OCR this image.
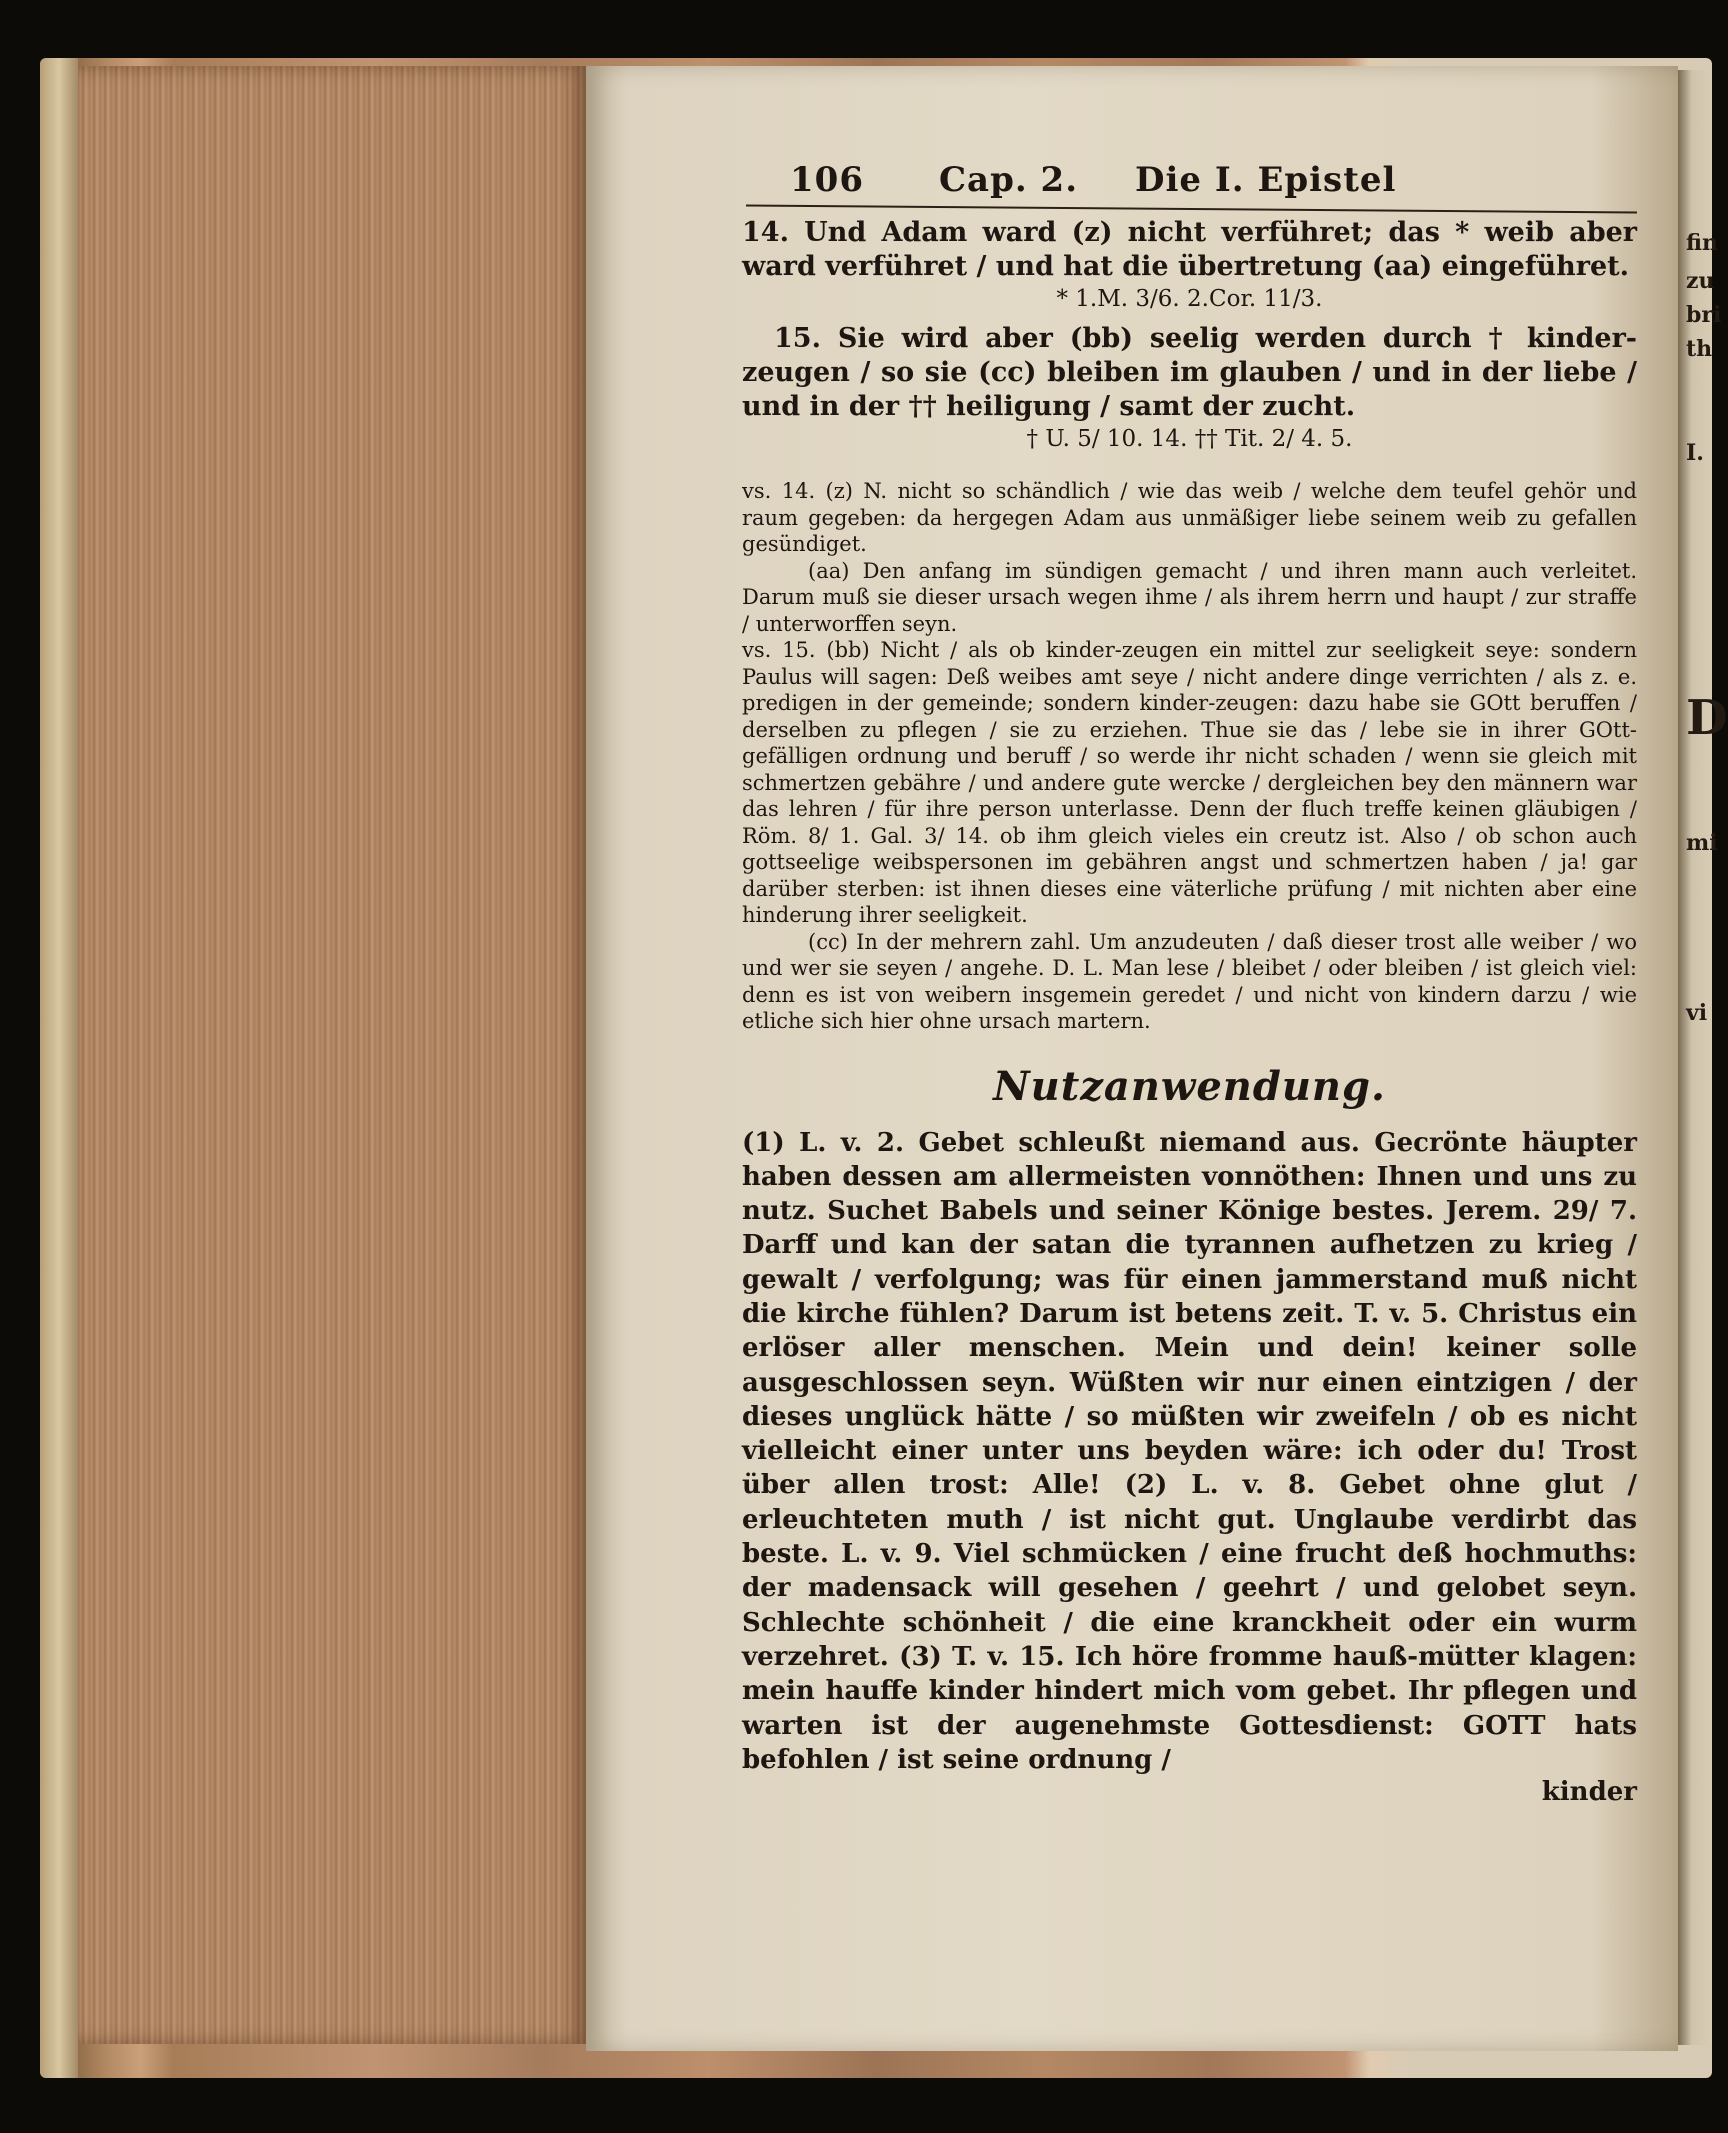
fin
zu
bri
th
I.
D
mi
vi
106 Cap. 2. Die I. Epistel

14. Und Adam ward (z) nicht verführet; das * weib aber ward verführet / und hat die übertretung (aa) eingeführet.

* 1.M. 3/6. 2.Cor. 11/3.

15. Sie wird aber (bb) seelig werden durch † kinder-zeugen / so sie (cc) bleiben im glauben / und in der liebe / und in der †† heiligung / samt der zucht.

† U. 5/ 10. 14. †† Tit. 2/ 4. 5.

vs. 14. (z) N. nicht so schändlich / wie das weib / welche dem teufel gehör und raum gegeben: da hergegen Adam aus unmäßiger liebe seinem weib zu gefallen gesündiget.

(aa) Den anfang im sündigen gemacht / und ihren mann auch verleitet. Darum muß sie dieser ursach wegen ihme / als ihrem herrn und haupt / zur straffe / unterworffen seyn.

vs. 15. (bb) Nicht / als ob kinder-zeugen ein mittel zur seeligkeit seye: sondern Paulus will sagen: Deß weibes amt seye / nicht andere dinge verrichten / als z. e. predigen in der gemeinde; sondern kinder-zeugen: dazu habe sie GOtt beruffen / derselben zu pflegen / sie zu erziehen. Thue sie das / lebe sie in ihrer GOtt-gefälligen ordnung und beruff / so werde ihr nicht schaden / wenn sie gleich mit schmertzen gebähre / und andere gute wercke / dergleichen bey den männern war das lehren / für ihre person unterlasse. Denn der fluch treffe keinen gläubigen / Röm. 8/ 1. Gal. 3/ 14. ob ihm gleich vieles ein creutz ist. Also / ob schon auch gottseelige weibspersonen im gebähren angst und schmertzen haben / ja! gar darüber sterben: ist ihnen dieses eine väterliche prüfung / mit nichten aber eine hinderung ihrer seeligkeit.

(cc) In der mehrern zahl. Um anzudeuten / daß dieser trost alle weiber / wo und wer sie seyen / angehe. D. L. Man lese / bleibet / oder bleiben / ist gleich viel: denn es ist von weibern insgemein geredet / und nicht von kindern darzu / wie etliche sich hier ohne ursach martern.

Nutzanwendung.

(1) L. v. 2. Gebet schleußt niemand aus. Gecrönte häupter haben dessen am allermeisten vonnöthen: Ihnen und uns zu nutz. Suchet Babels und seiner Könige bestes. Jerem. 29/ 7. Darff und kan der satan die tyrannen aufhetzen zu krieg / gewalt / verfolgung; was für einen jammerstand muß nicht die kirche fühlen? Darum ist betens zeit. T. v. 5. Christus ein erlöser aller menschen. Mein und dein! keiner solle ausgeschlossen seyn. Wüßten wir nur einen eintzigen / der dieses unglück hätte / so müßten wir zweifeln / ob es nicht vielleicht einer unter uns beyden wäre: ich oder du! Trost über allen trost: Alle! (2) L. v. 8. Gebet ohne glut / erleuchteten muth / ist nicht gut. Unglaube verdirbt das beste. L. v. 9. Viel schmücken / eine frucht deß hochmuths: der madensack will gesehen / geehrt / und gelobet seyn. Schlechte schönheit / die eine kranckheit oder ein wurm verzehret. (3) T. v. 15. Ich höre fromme hauß-mütter klagen: mein hauffe kinder hindert mich vom gebet. Ihr pflegen und warten ist der augenehmste Gottesdienst: GOTT hats befohlen / ist seine ordnung /

kinder
